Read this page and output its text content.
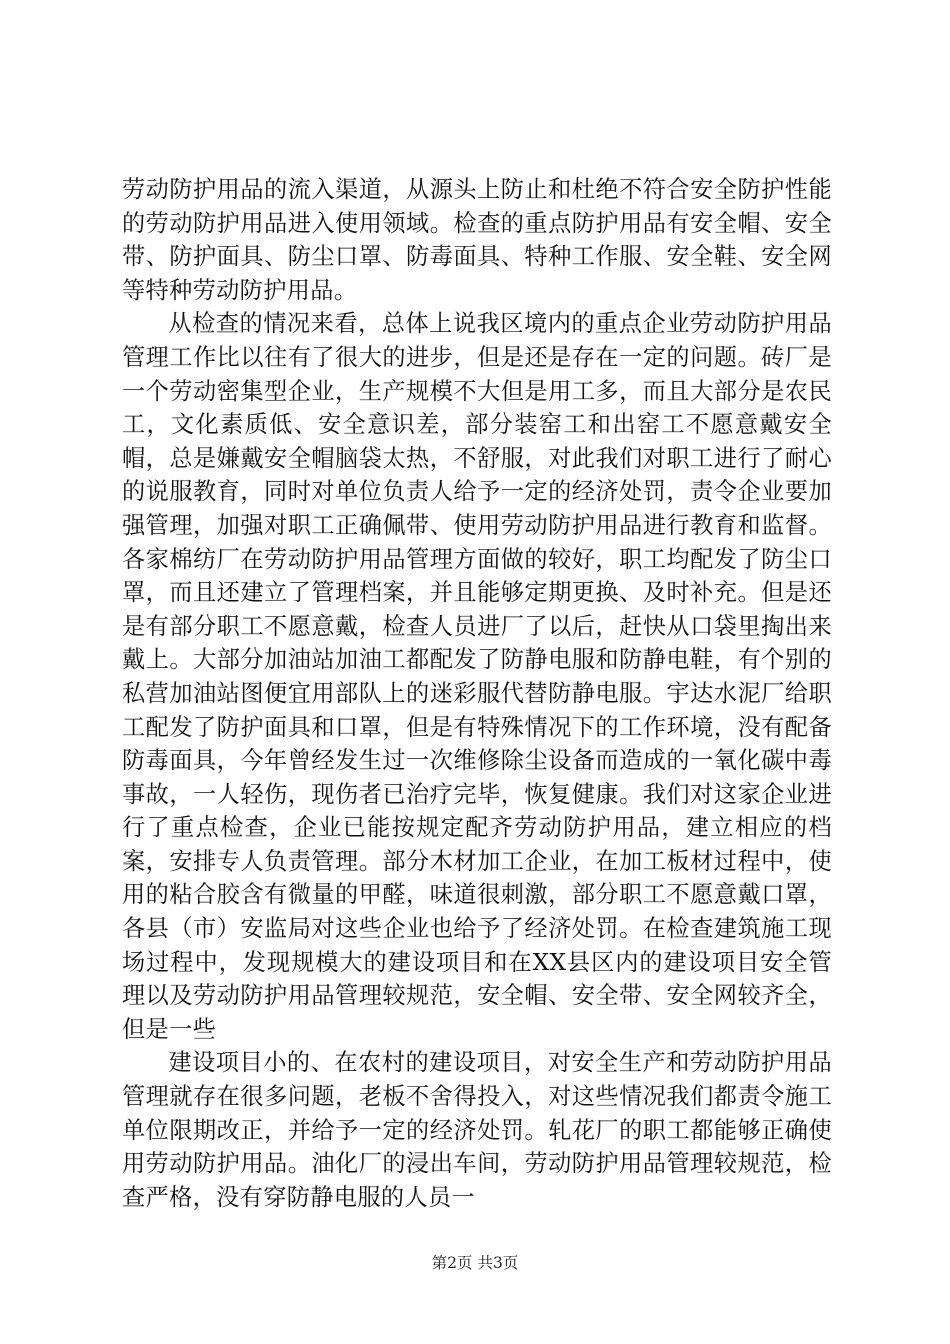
劳动防护用品的流入渠道，从源头上防止和杜绝不符合安全防护性能的劳动防护用品进入使用领域。检查的重点防护用品有安全帽、安全带、防护面具、防尘口罩、防毒面具、特种工作服、安全鞋、安全网等特种劳动防护用品。

从检查的情况来看，总体上说我区境内的重点企业劳动防护用品管理工作比以往有了很大的进步，但是还是存在一定的问题。砖厂是一个劳动密集型企业，生产规模不大但是用工多，而且大部分是农民工，文化素质低、安全意识差，部分装窑工和出窑工不愿意戴安全帽，总是嫌戴安全帽脑袋太热，不舒服，对此我们对职工进行了耐心的说服教育，同时对单位负责人给予一定的经济处罚，责令企业要加强管理，加强对职工正确佩带、使用劳动防护用品进行教育和监督。各家棉纺厂在劳动防护用品管理方面做的较好，职工均配发了防尘口罩，而且还建立了管理档案，并且能够定期更换、及时补充。但是还是有部分职工不愿意戴，检查人员进厂了以后，赶快从口袋里掏出来戴上。大部分加油站加油工都配发了防静电服和防静电鞋，有个别的私营加油站图便宜用部队上的迷彩服代替防静电服。宇达水泥厂给职工配发了防护面具和口罩，但是有特殊情况下的工作环境，没有配备防毒面具，今年曾经发生过一次维修除尘设备而造成的一氧化碳中毒事故，一人轻伤，现伤者已治疗完毕，恢复健康。我们对这家企业进行了重点检查，企业已能按规定配齐劳动防护用品，建立相应的档案，安排专人负责管理。部分木材加工企业，在加工板材过程中，使用的粘合胶含有微量的甲醛，味道很刺激，部分职工不愿意戴口罩，各县（市）安监局对这些企业也给予了经济处罚。在检查建筑施工现场过程中，发现规模大的建设项目和在XX县区内的建设项目安全管理以及劳动防护用品管理较规范，安全帽、安全带、安全网较齐全，但是一些

建设项目小的、在农村的建设项目，对安全生产和劳动防护用品管理就存在很多问题，老板不舍得投入，对这些情况我们都责令施工单位限期改正，并给予一定的经济处罚。轧花厂的职工都能够正确使用劳动防护用品。油化厂的浸出车间，劳动防护用品管理较规范，检查严格，没有穿防静电服的人员一

第2页 共3页
